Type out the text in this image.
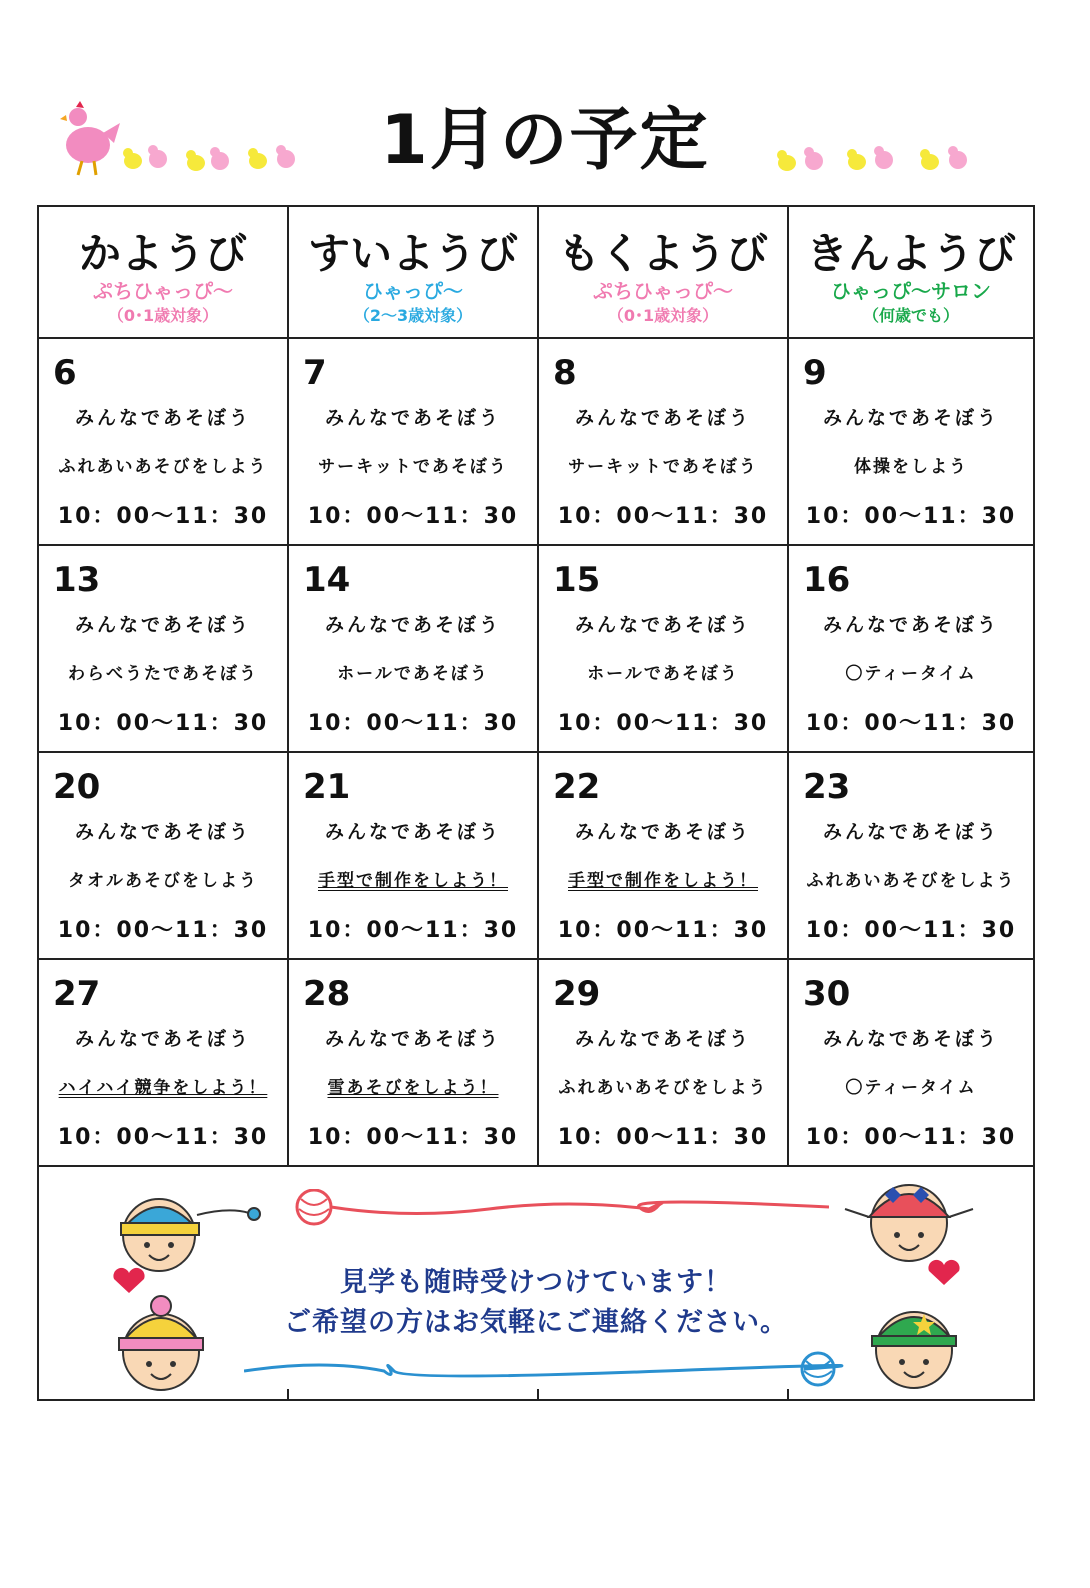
1月の予定
かようび
ぷちひゃっぴ～
（0･1歳対象）
すいようび
ひゃっぴ～
（2～3歳対象）
もくようび
ぷちひゃっぴ～
（0･1歳対象）
きんようび
ひゃっぴ～サロン
（何歳でも）
6
みんなであそぼう
ふれあいあそびをしよう
10：00～11：30
7
みんなであそぼう
サーキットであそぼう
10：00～11：30
8
みんなであそぼう
サーキットであそぼう
10：00～11：30
9
みんなであそぼう
体操をしよう
10：00～11：30
13
みんなであそぼう
わらべうたであそぼう
10：00～11：30
14
みんなであそぼう
ホールであそぼう
10：00～11：30
15
みんなであそぼう
ホールであそぼう
10：00～11：30
16
みんなであそぼう
〇ティータイム
10：00～11：30
20
みんなであそぼう
タオルあそびをしよう
10：00～11：30
21
みんなであそぼう
手型で制作をしよう！
10：00～11：30
22
みんなであそぼう
手型で制作をしよう！
10：00～11：30
23
みんなであそぼう
ふれあいあそびをしよう
10：00～11：30
27
みんなであそぼう
ハイハイ競争をしよう！
10：00～11：30
28
みんなであそぼう
雪あそびをしよう！
10：00～11：30
29
みんなであそぼう
ふれあいあそびをしよう
10：00～11：30
30
みんなであそぼう
〇ティータイム
10：00～11：30
見学も随時受けつけています！
ご希望の方はお気軽にご連絡ください。
